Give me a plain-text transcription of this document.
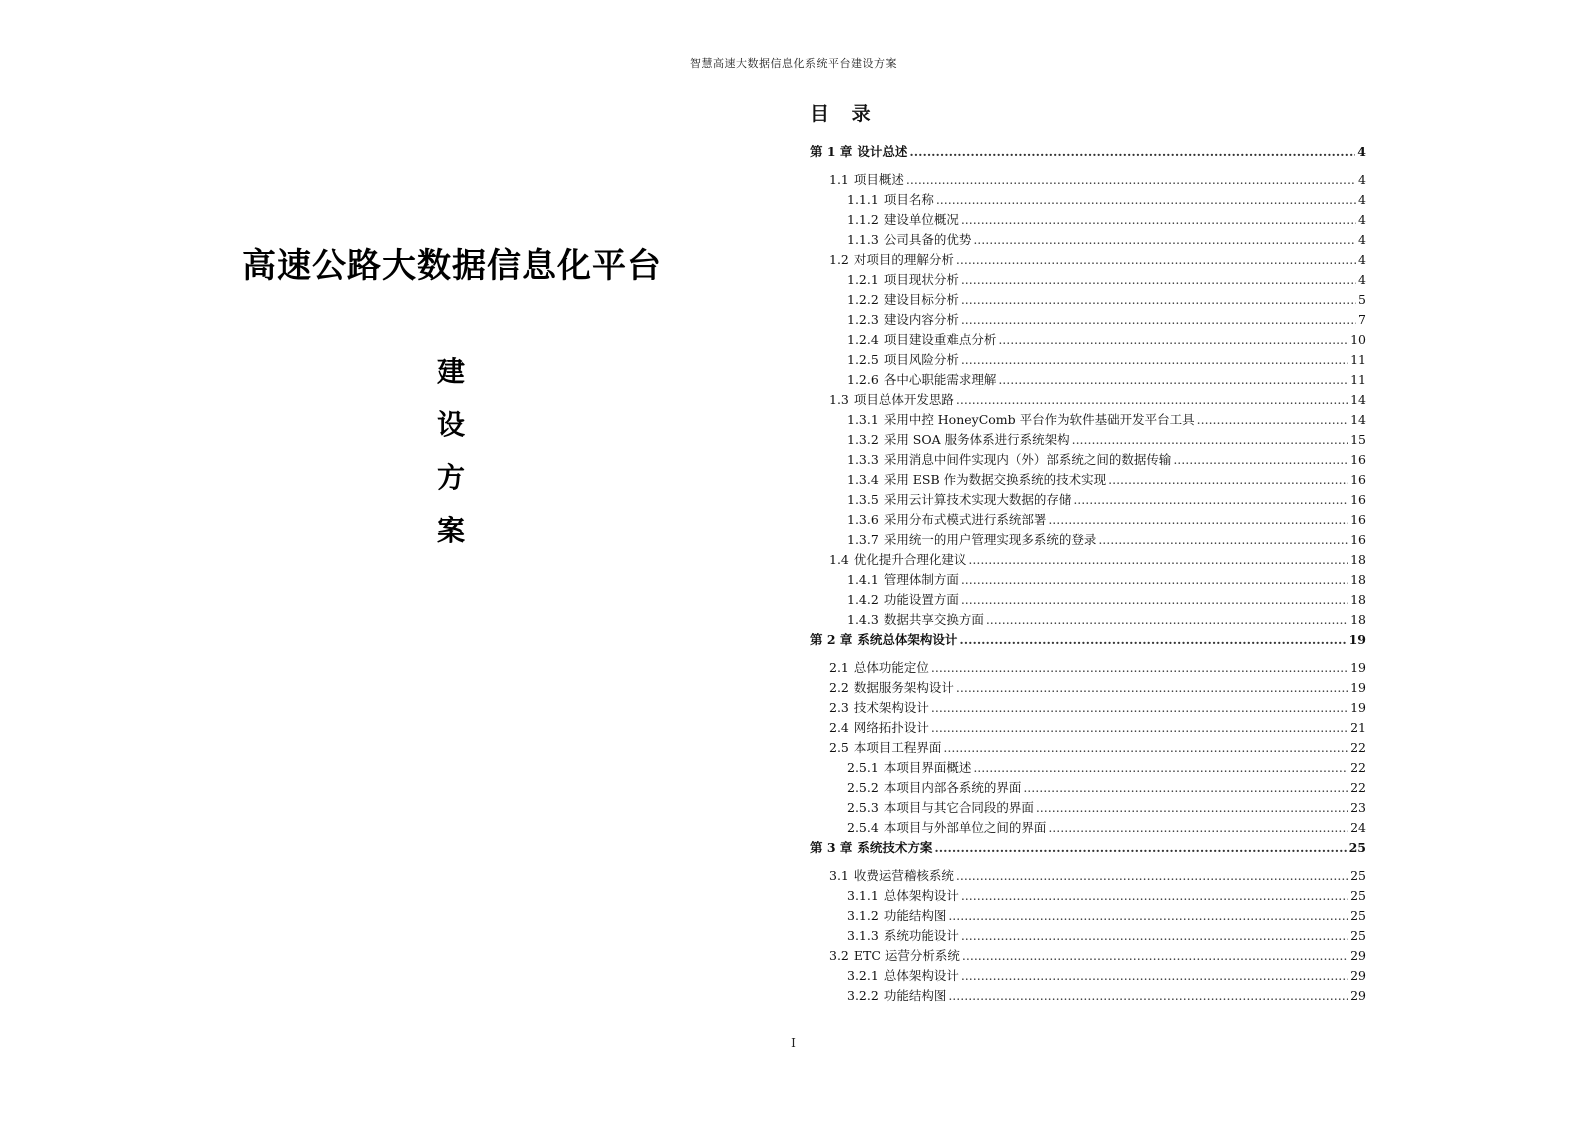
智慧高速大数据信息化系统平台建设方案
高速公路大数据信息化平台
建
设
方
案
目 录
第 1 章 设计总述 .....	4
1.1 项目概述 .....	4
1.1.1 项目名称 .....	4
1.1.2 建设单位概况 .....	4
1.1.3 公司具备的优势 .....	4
1.2 对项目的理解分析 .....	4
1.2.1 项目现状分析 .....	4
1.2.2 建设目标分析 .....	5
1.2.3 建设内容分析 .....	7
1.2.4 项目建设重难点分析 .....	10
1.2.5 项目风险分析 .....	11
1.2.6 各中心职能需求理解 .....	11
1.3 项目总体开发思路 .....	14
1.3.1 采用中控 HoneyComb 平台作为软件基础开发平台工具 .....	14
1.3.2 采用 SOA 服务体系进行系统架构 .....	15
1.3.3 采用消息中间件实现内（外）部系统之间的数据传输 .....	16
1.3.4 采用 ESB 作为数据交换系统的技术实现 .....	16
1.3.5 采用云计算技术实现大数据的存储 .....	16
1.3.6 采用分布式模式进行系统部署 .....	16
1.3.7 采用统一的用户管理实现多系统的登录 .....	16
1.4 优化提升合理化建议 .....	18
1.4.1 管理体制方面 .....	18
1.4.2 功能设置方面 .....	18
1.4.3 数据共享交换方面 .....	18
第 2 章 系统总体架构设计 .....	19
2.1 总体功能定位 .....	19
2.2 数据服务架构设计 .....	19
2.3 技术架构设计 .....	19
2.4 网络拓扑设计 .....	21
2.5 本项目工程界面 .....	22
2.5.1 本项目界面概述 .....	22
2.5.2 本项目内部各系统的界面 .....	22
2.5.3 本项目与其它合同段的界面 .....	23
2.5.4 本项目与外部单位之间的界面 .....	24
第 3 章 系统技术方案 .....	25
3.1 收费运营稽核系统 .....	25
3.1.1 总体架构设计 .....	25
3.1.2 功能结构图 .....	25
3.1.3 系统功能设计 .....	25
3.2 ETC 运营分析系统 .....	29
3.2.1 总体架构设计 .....	29
3.2.2 功能结构图 .....	29
I
